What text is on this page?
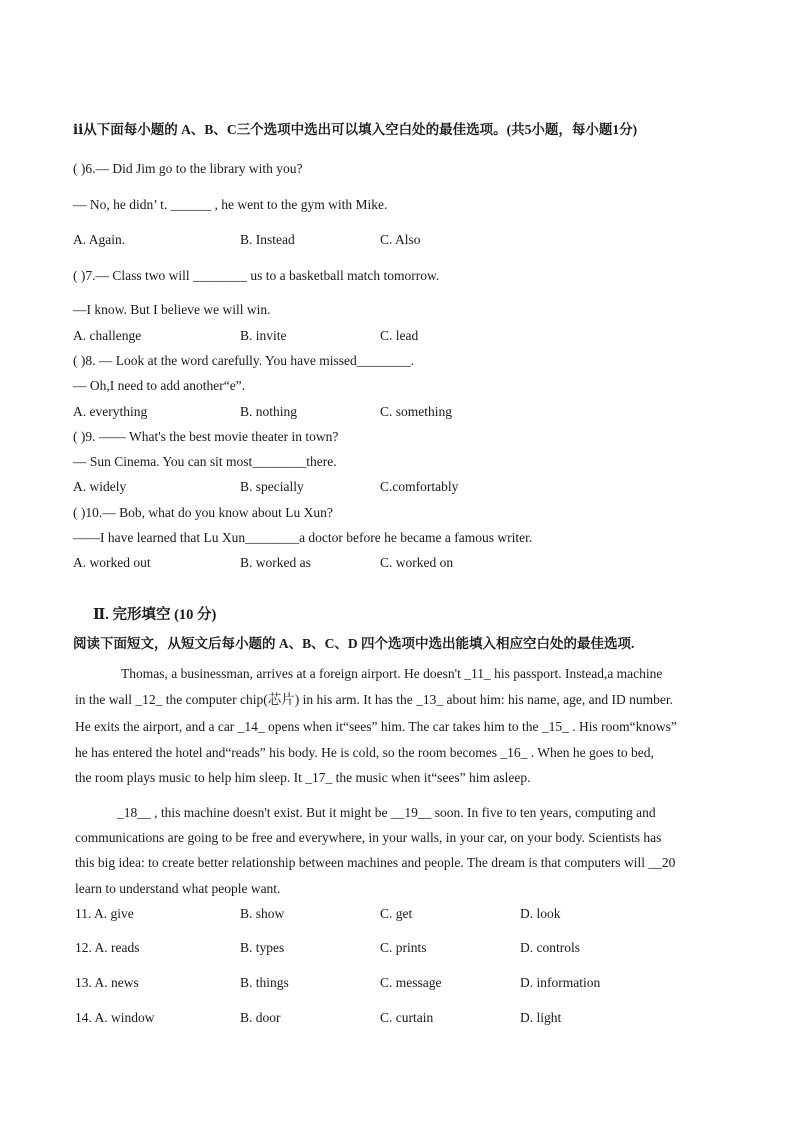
ⅱ从下面每小题的 A、B、C三个选项中选出可以填入空白处的最佳选项。(共5小题，每小题1分)
( )6.— Did Jim go to the library with you?
— No, he didn’ t. ______ , he went to the gym with Mike.
A. Again.	B. Instead	C. Also
( )7.— Class two will ________ us to a basketball match tomorrow.
—I know. But I believe we will win.
A. challenge	B. invite	C. lead
( )8. — Look at the word carefully. You have missed________.
— Oh,I need to add another“e”.
A. everything	B. nothing	C. something
( )9. —— What's the best movie theater in town?
— Sun Cinema. You can sit most________there.
A. widely	B. specially	C.comfortably
( )10.— Bob, what do you know about Lu Xun?
——I have learned that Lu Xun________a doctor before he became a famous writer.
A. worked out	B. worked as	C. worked on
Ⅱ. 完形填空 (10 分)
阅读下面短文，从短文后每小题的 A、B、C、D 四个选项中选出能填入相应空白处的最佳选项.
Thomas, a businessman, arrives at a foreign airport. He doesn't _11_ his passport. Instead,a machine
in the wall _12_ the computer chip(芯片) in his arm. It has the _13_ about him: his name, age, and ID number.
He exits the airport, and a car _14_ opens when it“sees” him. The car takes him to the _15_ . His room“knows”
he has entered the hotel and“reads” his body. He is cold, so the room becomes _16_ . When he goes to bed,
the room plays music to help him sleep. It _17_ the music when it“sees” him asleep.
_18__ , this machine doesn't exist. But it might be __19__ soon. In five to ten years, computing and
communications are going to be free and everywhere, in your walls, in your car, on your body. Scientists has
this big idea: to create better relationship between machines and people. The dream is that computers will __20
learn to understand what people want.
11. A. give	B. show	C. get	D. look
12. A. reads	B. types	C. prints	D. controls
13. A. news	B. things	C. message	D. information
14. A. window	B. door	C. curtain	D. light
